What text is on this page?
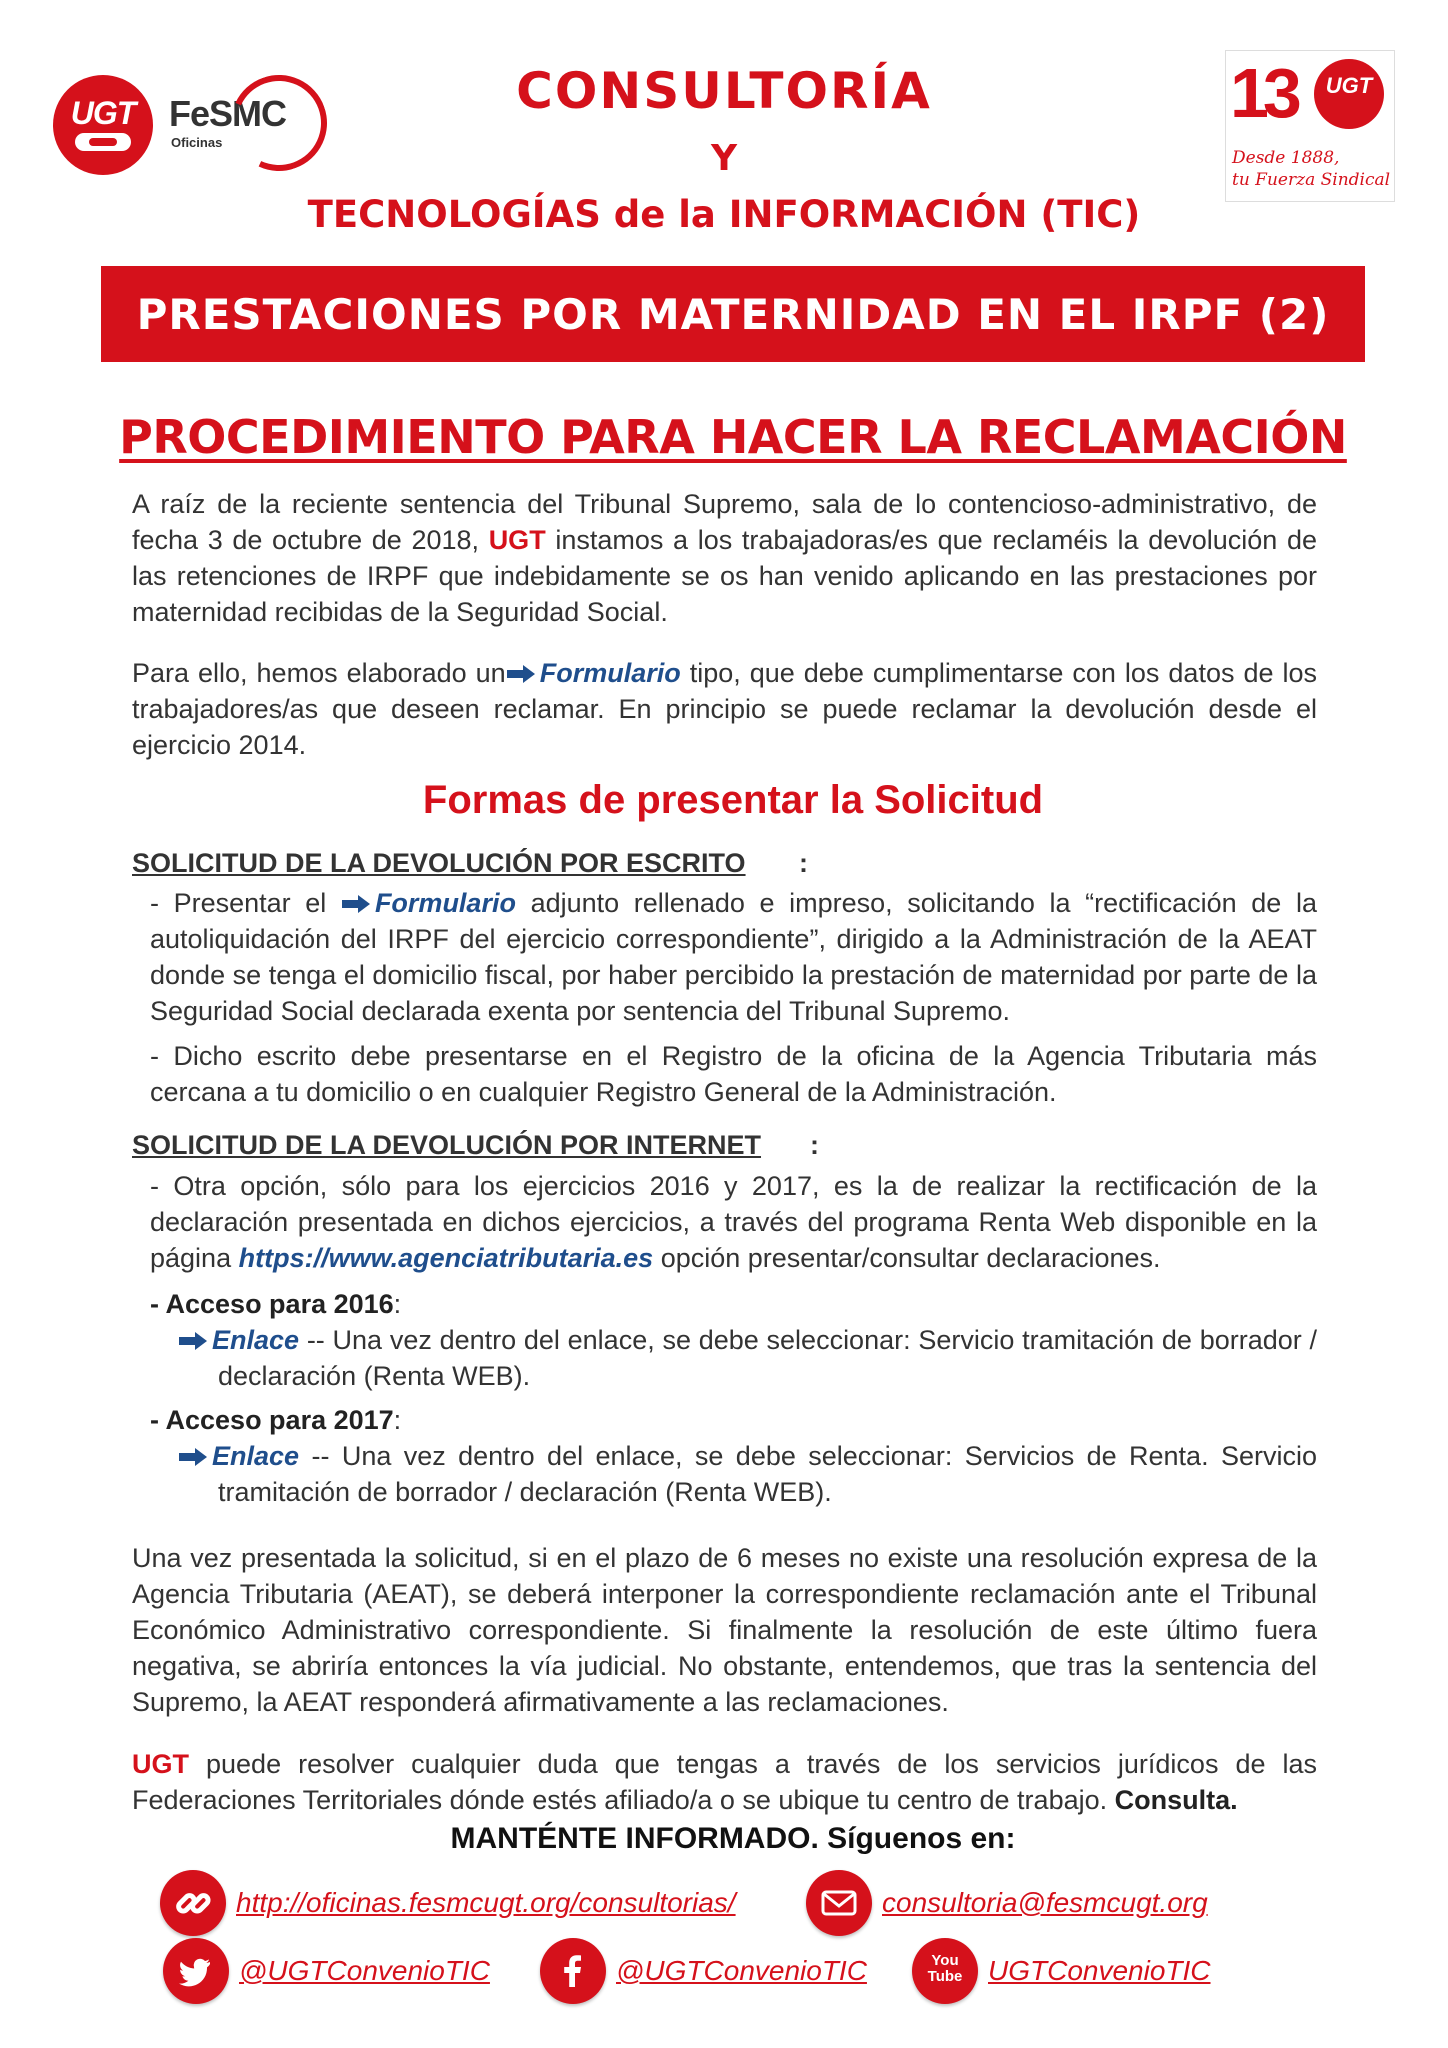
UGT FeSMC
Oficinas
CONSULTORÍA
Y
TECNOLOGÍAS de la INFORMACIÓN (TIC)
13	UGT
Desde 1888,
tu Fuerza Sindical
PRESTACIONES POR MATERNIDAD EN EL IRPF (2)
PROCEDIMIENTO PARA HACER LA RECLAMACIÓN
A raíz de la reciente sentencia del Tribunal Supremo, sala de lo contencioso-administrativo, de fecha 3 de octubre de 2018, UGT instamos a los trabajadoras/es que reclaméis la devolución de las retenciones de IRPF que indebidamente se os han venido aplicando en las prestaciones por maternidad recibidas de la Seguridad Social.
Para ello, hemos elaborado un Formulario tipo, que debe cumplimentarse con los datos de los trabajadores/as que deseen reclamar. En principio se puede reclamar la devolución desde el ejercicio 2014.
Formas de presentar la Solicitud
SOLICITUD DE LA DEVOLUCIÓN POR ESCRITO :
- Presentar el Formulario adjunto rellenado e impreso, solicitando la “rectificación de la autoliquidación del IRPF del ejercicio correspondiente”, dirigido a la Administración de la AEAT donde se tenga el domicilio fiscal, por haber percibido la prestación de maternidad por parte de la Seguridad Social declarada exenta por sentencia del Tribunal Supremo.
- Dicho escrito debe presentarse en el Registro de la oficina de la Agencia Tributaria más cercana a tu domicilio o en cualquier Registro General de la Administración.
SOLICITUD DE LA DEVOLUCIÓN POR INTERNET :
- Otra opción, sólo para los ejercicios 2016 y 2017, es la de realizar la rectificación de la declaración presentada en dichos ejercicios, a través del programa Renta Web disponible en la página https://www.agenciatributaria.es opción presentar/consultar declaraciones.
- Acceso para 2016:
Enlace -- Una vez dentro del enlace, se debe seleccionar: Servicio tramitación de borrador / declaración (Renta WEB).
- Acceso para 2017:
Enlace -- Una vez dentro del enlace, se debe seleccionar: Servicios de Renta. Servicio tramitación de borrador / declaración (Renta WEB).
Una vez presentada la solicitud, si en el plazo de 6 meses no existe una resolución expresa de la Agencia Tributaria (AEAT), se deberá interponer la correspondiente reclamación ante el Tribunal Económico Administrativo correspondiente. Si finalmente la resolución de este último fuera negativa, se abriría entonces la vía judicial. No obstante, entendemos, que tras la sentencia del Supremo, la AEAT responderá afirmativamente a las reclamaciones.
UGT puede resolver cualquier duda que tengas a través de los servicios jurídicos de las Federaciones Territoriales dónde estés afiliado/a o se ubique tu centro de trabajo. Consulta.
MANTÉNTE INFORMADO. Síguenos en:
http://oficinas.fesmcugt.org/consultorias/	consultoria@fesmcugt.org
@UGTConvenioTIC	@UGTConvenioTIC	You Tube UGTConvenioTIC
